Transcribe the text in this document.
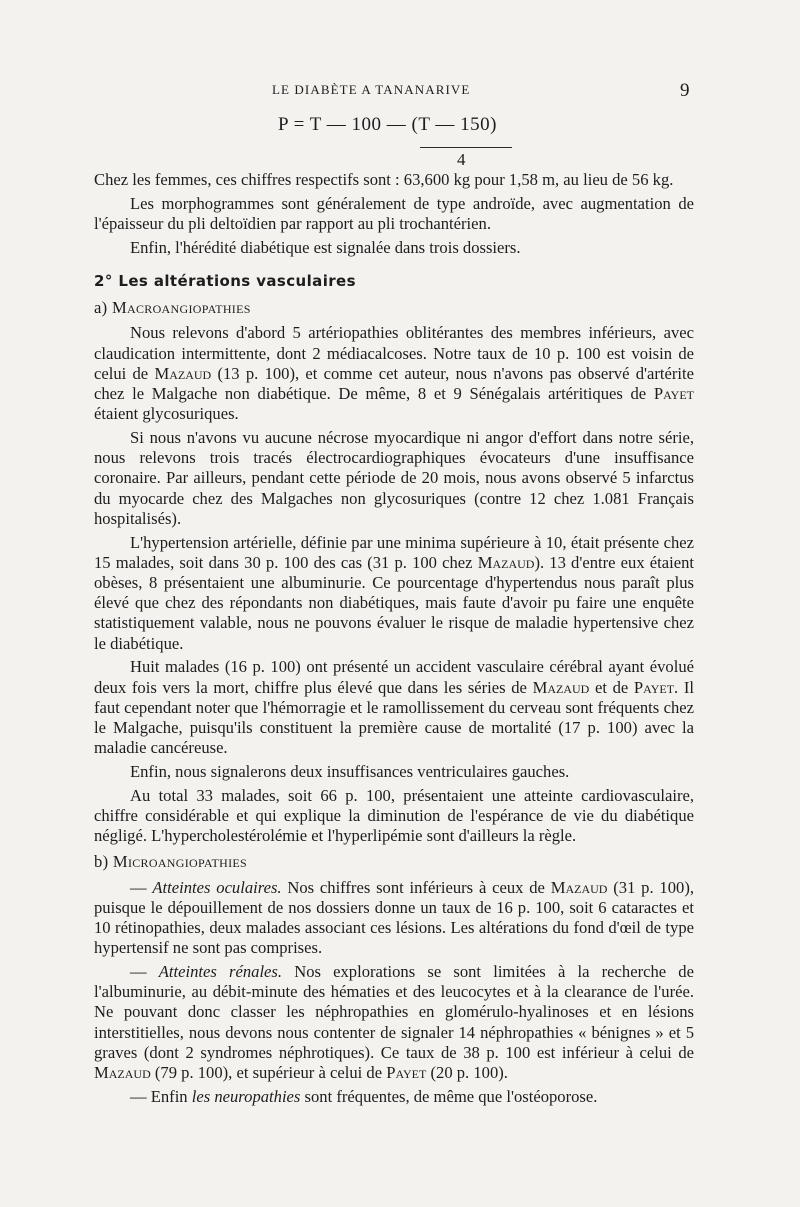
LE DIABÈTE A TANANARIVE	9
P = T — 100 — (T — 150)
4

Chez les femmes, ces chiffres respectifs sont : 63,600 kg pour 1,58 m, au lieu de 56 kg.

Les morphogrammes sont généralement de type androïde, avec augmentation de l'épaisseur du pli deltoïdien par rapport au pli trochantérien.

Enfin, l'hérédité diabétique est signalée dans trois dossiers.

2° Les altérations vasculaires
a) Macroangiopathies

Nous relevons d'abord 5 artériopathies oblitérantes des membres inférieurs, avec claudication intermittente, dont 2 médiacalcoses. Notre taux de 10 p. 100 est voisin de celui de Mazaud (13 p. 100), et comme cet auteur, nous n'avons pas observé d'artérite chez le Malgache non diabétique. De même, 8 et 9 Sénégalais artéritiques de Payet étaient glycosuriques.

Si nous n'avons vu aucune nécrose myocardique ni angor d'effort dans notre série, nous relevons trois tracés électrocardiographiques évocateurs d'une insuffisance coronaire. Par ailleurs, pendant cette période de 20 mois, nous avons observé 5 infarctus du myocarde chez des Malgaches non glycosuriques (contre 12 chez 1.081 Français hospitalisés).

L'hypertension artérielle, définie par une minima supérieure à 10, était présente chez 15 malades, soit dans 30 p. 100 des cas (31 p. 100 chez Mazaud). 13 d'entre eux étaient obèses, 8 présentaient une albuminurie. Ce pourcentage d'hypertendus nous paraît plus élevé que chez des répondants non diabétiques, mais faute d'avoir pu faire une enquête statistiquement valable, nous ne pouvons évaluer le risque de maladie hypertensive chez le diabétique.

Huit malades (16 p. 100) ont présenté un accident vasculaire cérébral ayant évolué deux fois vers la mort, chiffre plus élevé que dans les séries de Mazaud et de Payet. Il faut cependant noter que l'hémorragie et le ramollissement du cerveau sont fréquents chez le Malgache, puisqu'ils constituent la première cause de mortalité (17 p. 100) avec la maladie cancéreuse.

Enfin, nous signalerons deux insuffisances ventriculaires gauches.

Au total 33 malades, soit 66 p. 100, présentaient une atteinte cardiovasculaire, chiffre considérable et qui explique la diminution de l'espérance de vie du diabétique négligé. L'hypercholestérolémie et l'hyperlipémie sont d'ailleurs la règle.

b) Microangiopathies

— Atteintes oculaires. Nos chiffres sont inférieurs à ceux de Mazaud (31 p. 100), puisque le dépouillement de nos dossiers donne un taux de 16 p. 100, soit 6 cataractes et 10 rétinopathies, deux malades associant ces lésions. Les altérations du fond d'œil de type hypertensif ne sont pas comprises.

— Atteintes rénales. Nos explorations se sont limitées à la recherche de l'albuminurie, au débit-minute des hématies et des leucocytes et à la clearance de l'urée. Ne pouvant donc classer les néphropathies en glomérulo-hyalinoses et en lésions interstitielles, nous devons nous contenter de signaler 14 néphropathies « bénignes » et 5 graves (dont 2 syndromes néphrotiques). Ce taux de 38 p. 100 est inférieur à celui de Mazaud (79 p. 100), et supérieur à celui de Payet (20 p. 100).

— Enfin les neuropathies sont fréquentes, de même que l'ostéoporose.
